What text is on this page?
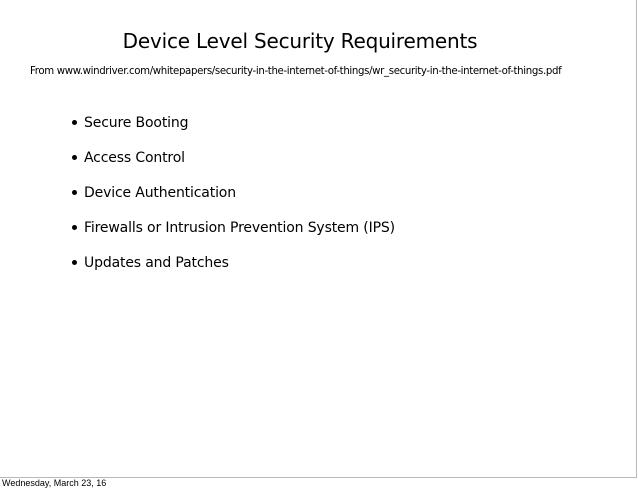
Device Level Security Requirements
From www.windriver.com/whitepapers/security-in-the-internet-of-things/wr_security-in-the-internet-of-things.pdf
Secure Booting
Access Control
Device Authentication
Firewalls or Intrusion Prevention System (IPS)
Updates and Patches
Wednesday, March 23, 16
